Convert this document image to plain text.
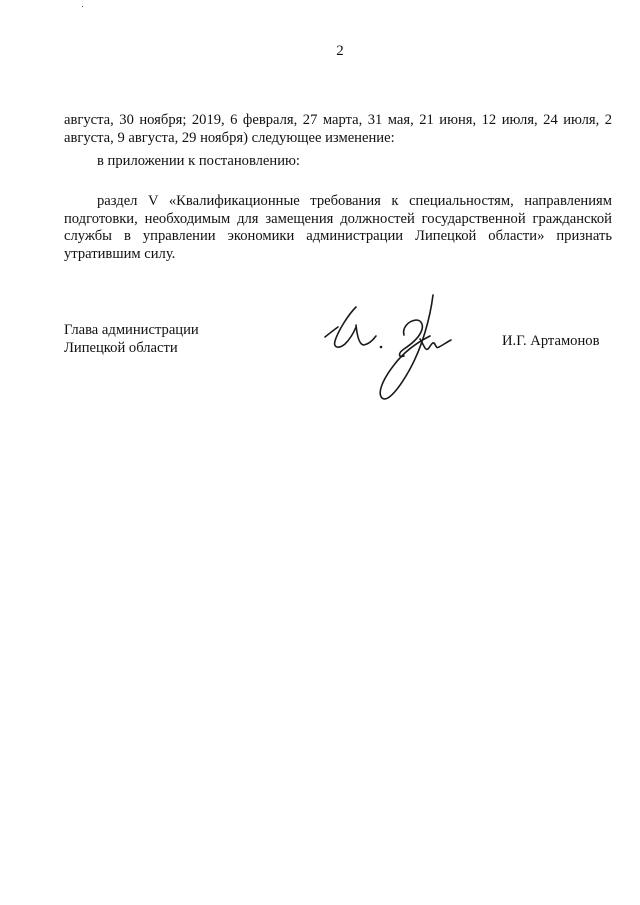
2

августа, 30 ноября; 2019, 6 февраля, 27 марта, 31 мая, 21 июня, 12 июля, 24 июля, 2 августа, 9 августа, 29 ноября) следующее изменение:

в приложении к постановлению:

раздел V «Квалификационные требования к специальностям, направлениям подготовки, необходимым для замещения должностей государственной гражданской службы в управлении экономики администрации Липецкой области» признать утратившим силу.

Глава администрации
Липецкой области	И.Г. Артамонов
